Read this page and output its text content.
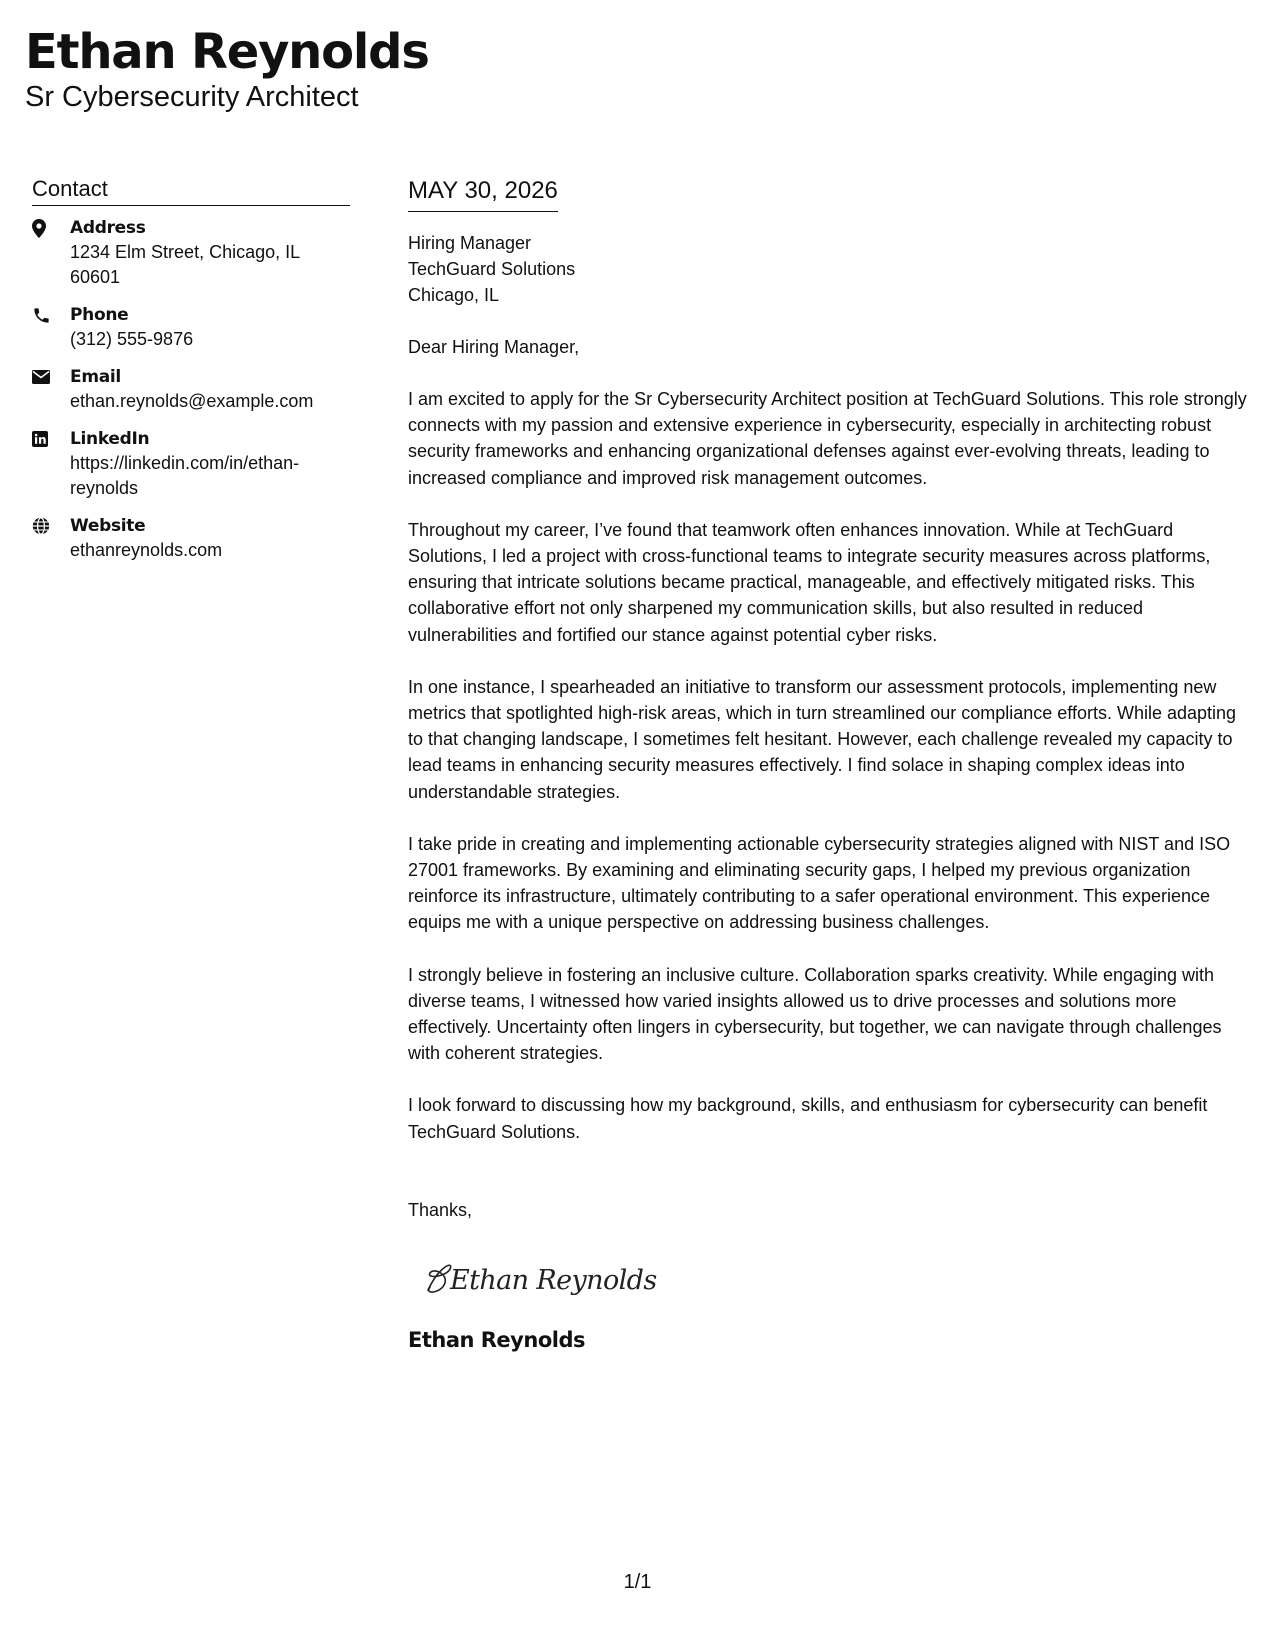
Ethan Reynolds
Sr Cybersecurity Architect
Contact
Address
1234 Elm Street, Chicago, IL 60601
Phone
(312) 555-9876
Email
ethan.reynolds@example.com
LinkedIn
https://linkedin.com/in/ethan-reynolds
Website
ethanreynolds.com
MAY 30, 2026
Hiring Manager
TechGuard Solutions
Chicago, IL
Dear Hiring Manager,

I am excited to apply for the Sr Cybersecurity Architect position at TechGuard Solutions. This role strongly connects with my passion and extensive experience in cybersecurity, especially in architecting robust security frameworks and enhancing organizational defenses against ever-evolving threats, leading to increased compliance and improved risk management outcomes.

Throughout my career, I’ve found that teamwork often enhances innovation. While at TechGuard Solutions, I led a project with cross-functional teams to integrate security measures across platforms, ensuring that intricate solutions became practical, manageable, and effectively mitigated risks. This collaborative effort not only sharpened my communication skills, but also resulted in reduced vulnerabilities and fortified our stance against potential cyber risks.

In one instance, I spearheaded an initiative to transform our assessment protocols, implementing new metrics that spotlighted high-risk areas, which in turn streamlined our compliance efforts. While adapting to that changing landscape, I sometimes felt hesitant. However, each challenge revealed my capacity to lead teams in enhancing security measures effectively. I find solace in shaping complex ideas into understandable strategies.

I take pride in creating and implementing actionable cybersecurity strategies aligned with NIST and ISO 27001 frameworks. By examining and eliminating security gaps, I helped my previous organization reinforce its infrastructure, ultimately contributing to a safer operational environment. This experience equips me with a unique perspective on addressing business challenges.

I strongly believe in fostering an inclusive culture. Collaboration sparks creativity. While engaging with diverse teams, I witnessed how varied insights allowed us to drive processes and solutions more effectively. Uncertainty often lingers in cybersecurity, but together, we can navigate through challenges with coherent strategies.

I look forward to discussing how my background, skills, and enthusiasm for cybersecurity can benefit TechGuard Solutions.

Thanks,
Ethan Reynolds
Ethan Reynolds
1/1
